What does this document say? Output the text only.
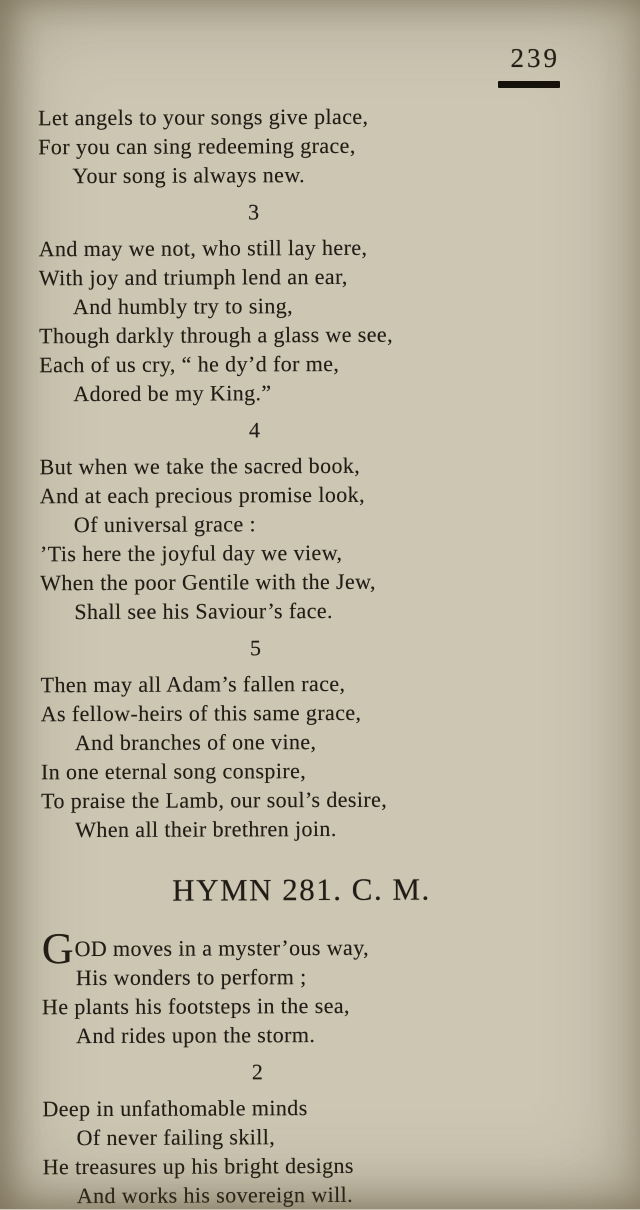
239

Let angels to your songs give place,

For you can sing redeeming grace,

Your song is always new.

3

And may we not, who still lay here,

With joy and triumph lend an ear,

And humbly try to sing,

Though darkly through a glass we see,

Each of us cry, “ he dy’d for me,

Adored be my King.”

4

But when we take the sacred book,

And at each precious promise look,

Of universal grace :

’Tis here the joyful day we view,

When the poor Gentile with the Jew,

Shall see his Saviour’s face.

5

Then may all Adam’s fallen race,

As fellow-heirs of this same grace,

And branches of one vine,

In one eternal song conspire,

To praise the Lamb, our soul’s desire,

When all their brethren join.

HYMN 281. C. M.

GOD moves in a myster’ous way,

His wonders to perform ;

He plants his footsteps in the sea,

And rides upon the storm.

2

Deep in unfathomable minds

Of never failing skill,

He treasures up his bright designs

And works his sovereign will.
